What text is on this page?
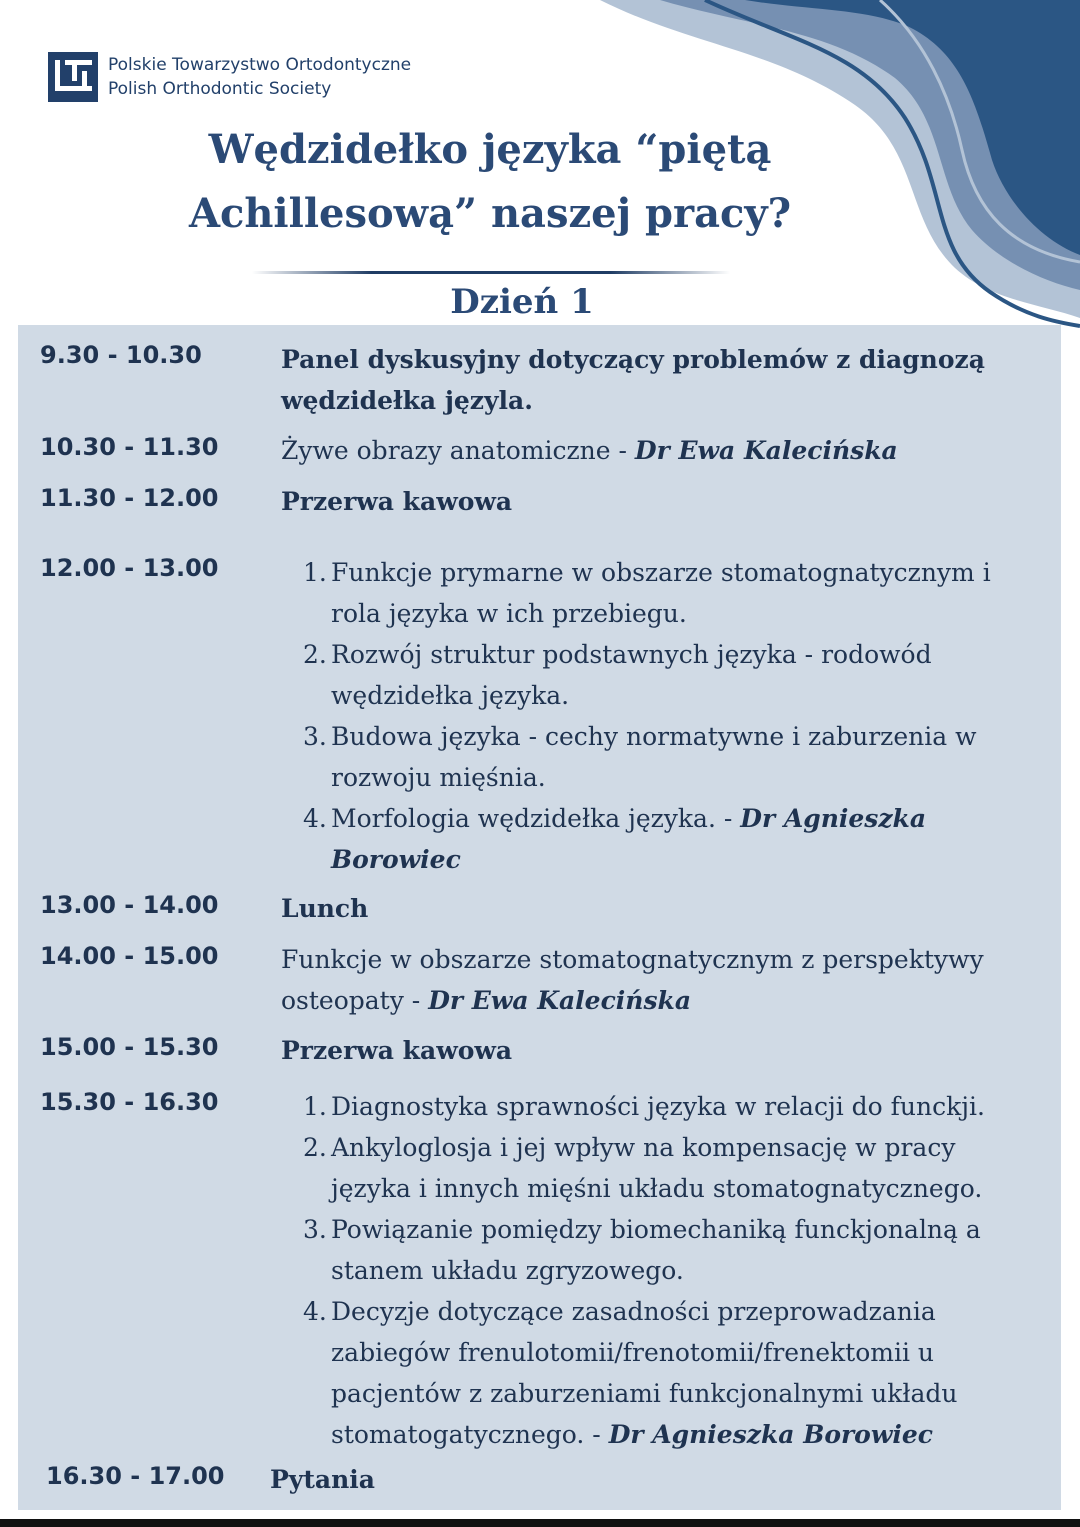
Polskie Towarzystwo Ortodontyczne
Polish Orthodontic Society
Wędzidełko języka “piętą
Achillesową” naszej pracy?
Dzień 1
9.30 - 10.30	Panel dyskusyjny dotyczący problemów z diagnozą wędzidełka języla.
10.30 - 11.30	Żywe obrazy anatomiczne - Dr Ewa Kalecińska
11.30 - 12.00	Przerwa kawowa
12.00 - 13.00	1. Funkcje prymarne w obszarze stomatognatycznym i rola języka w ich przebiegu.
2. Rozwój struktur podstawnych języka - rodowód wędzidełka języka.
3. Budowa języka - cechy normatywne i zaburzenia w rozwoju mięśnia.
4. Morfologia wędzidełka języka. - Dr Agnieszka Borowiec
13.00 - 14.00	Lunch
14.00 - 15.00	Funkcje w obszarze stomatognatycznym z perspektywy osteopaty - Dr Ewa Kalecińska
15.00 - 15.30	Przerwa kawowa
15.30 - 16.30	1. Diagnostyka sprawności języka w relacji do funckji.
2. Ankyloglosja i jej wpływ na kompensację w pracy języka i innych mięśni układu stomatognatycznego.
3. Powiązanie pomiędzy biomechaniką funckjonalną a stanem układu zgryzowego.
4. Decyzje dotyczące zasadności przeprowadzania zabiegów frenulotomii/frenotomii/frenektomii u pacjentów z zaburzeniami funkcjonalnymi układu stomatogatycznego. - Dr Agnieszka Borowiec
16.30 - 17.00 Pytania
